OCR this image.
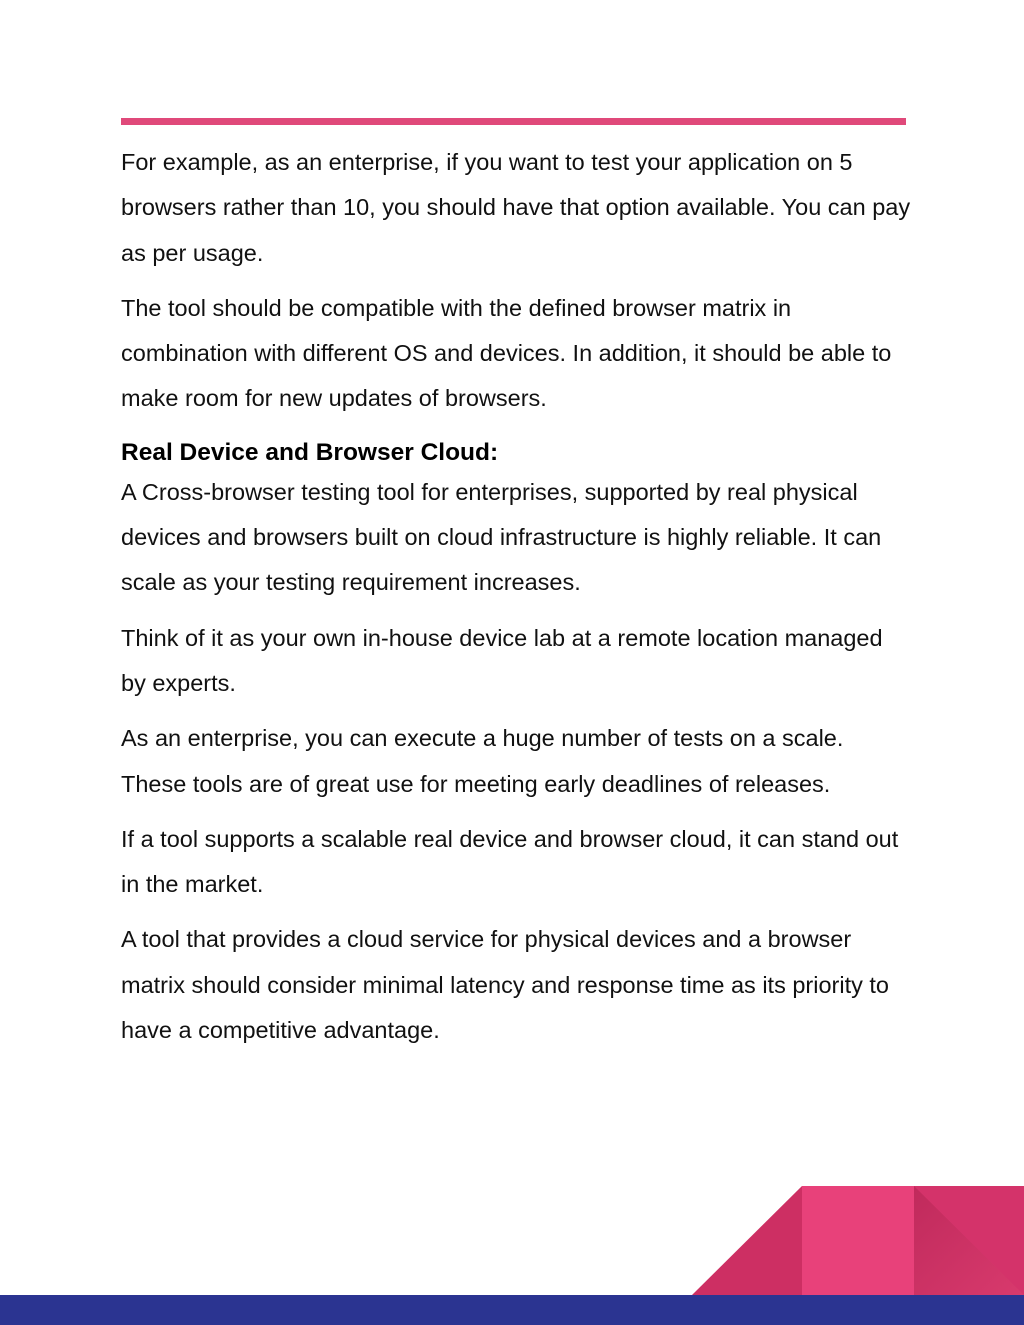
For example, as an enterprise, if you want to test your application on 5 browsers rather than 10, you should have that option available. You can pay as per usage.

The tool should be compatible with the defined browser matrix in combination with different OS and devices. In addition, it should be able to make room for new updates of browsers.

Real Device and Browser Cloud:

A Cross-browser testing tool for enterprises, supported by real physical devices and browsers built on cloud infrastructure is highly reliable. It can scale as your testing requirement increases.

Think of it as your own in-house device lab at a remote location managed by experts.

As an enterprise, you can execute a huge number of tests on a scale. These tools are of great use for meeting early deadlines of releases.

If a tool supports a scalable real device and browser cloud, it can stand out in the market.

A tool that provides a cloud service for physical devices and a browser matrix should consider minimal latency and response time as its priority to have a competitive advantage.
